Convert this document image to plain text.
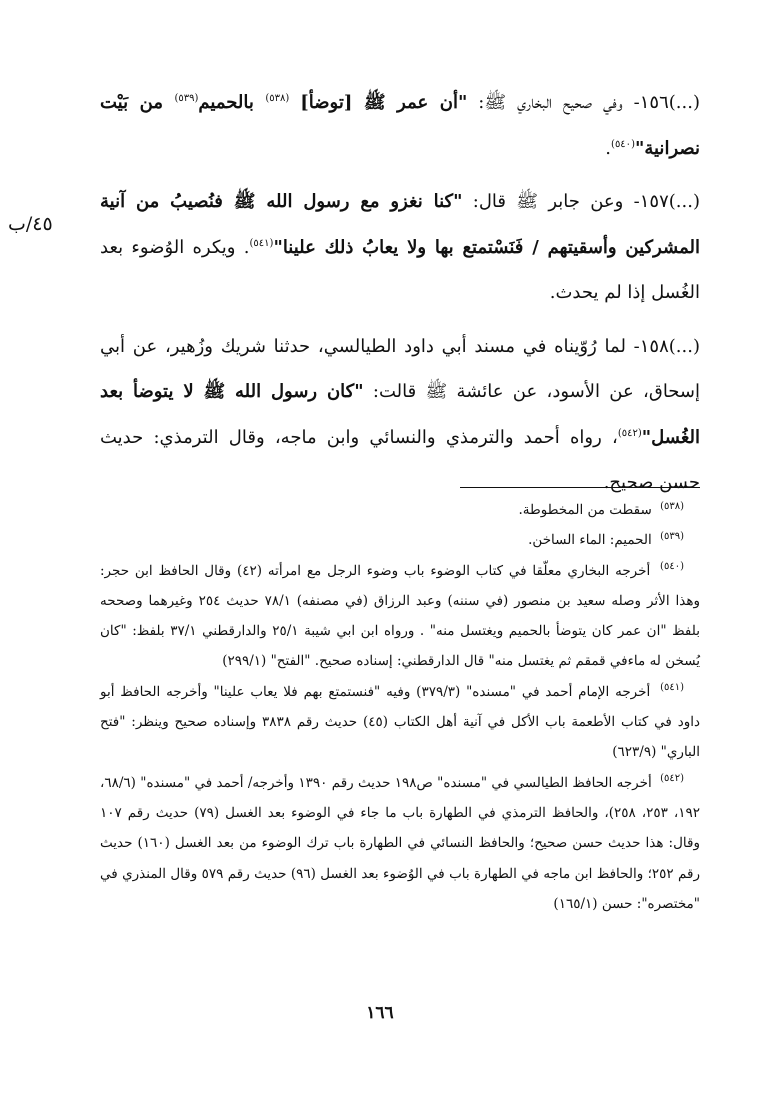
٤٥/ب

(...)١٥٦- وفي صحيح البخاري ﷺ: "أن عمر ﷺ [توضأ] $^{(٥٣٨)}$ بالحميم$^{(٥٣٩)}$ من بَيْت نصرانية"$^{(٥٤٠)}$.

(...)١٥٧- وعن جابر ﷺ قال: "كنا نغزو مع رسول الله ﷺ فنُصيبُ من آنية المشركين وأسقيتهم / فَنَسْتمتع بها ولا يعابُ ذلك علينا"$^{(٥٤١)}$. ويكره الوُضوء بعد الغُسل إذا لم يحدث.

(...)١٥٨- لما رُوّيناه في مسند أبي داود الطيالسي، حدثنا شريك وزُهير، عن أبي إسحاق، عن الأسود، عن عائشة ﷺ قالت: "كان رسول الله ﷺ لا يتوضأ بعد الغُسل"$^{(٥٤٢)}$، رواه أحمد والترمذي والنسائي وابن ماجه، وقال الترمذي: حديث حسن صحيح.

$^{(٥٣٨)}$ سقطت من المخطوطة.

$^{(٥٣٩)}$ الحميم: الماء الساخن.

$^{(٥٤٠)}$ أخرجه البخاري معلّقا في كتاب الوضوء باب وضوء الرجل مع امرأته (٤٢) وقال الحافظ ابن حجر: وهذا الأثر وصله سعيد بن منصور (في سننه) وعبد الرزاق (في مصنفه) ٧٨/١ حديث ٢٥٤ وغيرهما وصححه بلفظ "ان عمر كان يتوضأ بالحميم ويغتسل منه" . ورواه ابن ابي شيبة ٢٥/١ والدارقطني ٣٧/١ بلفظ: "كان يُسخن له ماءفي قمقم ثم يغتسل منه" قال الدارقطني: إسناده صحيح. "الفتح" (٢٩٩/١)

$^{(٥٤١)}$ أخرجه الإمام أحمد في "مسنده" (٣٧٩/٣) وفيه "فنستمتع بهم فلا يعاب علينا" وأخرجه الحافظ أبو داود في كتاب الأطعمة باب الأكل في آنية أهل الكتاب (٤٥) حديث رقم ٣٨٣٨ وإسناده صحيح وينظر: "فتح الباري" (٦٢٣/٩)

$^{(٥٤٢)}$ أخرجه الحافظ الطيالسي في "مسنده" ص١٩٨ حديث رقم ١٣٩٠ وأخرجه/ أحمد في "مسنده" (٦٨/٦، ١٩٢، ٢٥٣، ٢٥٨)، والحافظ الترمذي في الطهارة باب ما جاء في الوضوء بعد الغسل (٧٩) حديث رقم ١٠٧ وقال: هذا حديث حسن صحيح؛ والحافظ النسائي في الطهارة باب ترك الوضوء من بعد الغسل (١٦٠) حديث رقم ٢٥٢؛ والحافظ ابن ماجه في الطهارة باب في الوُضوء بعد الغسل (٩٦) حديث رقم ٥٧٩ وقال المنذري في "مختصره": حسن (١٦٥/١)

١٦٦
